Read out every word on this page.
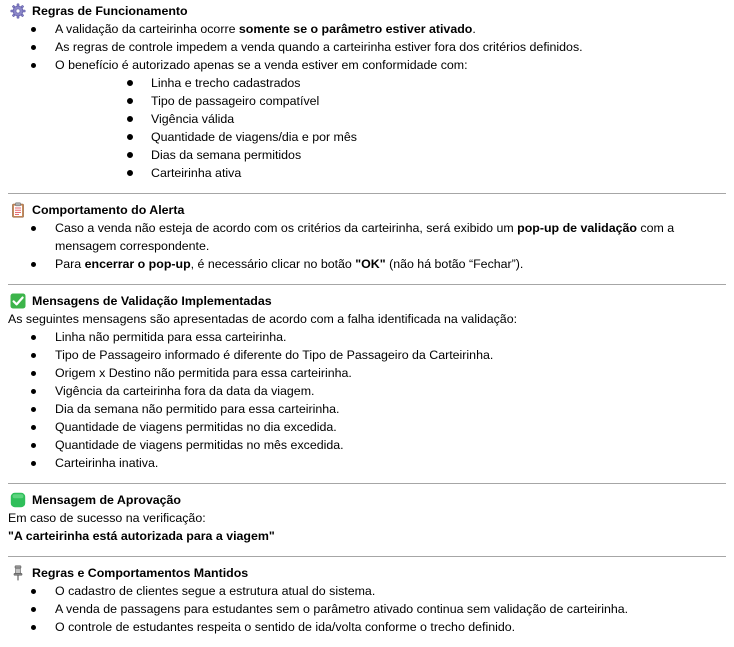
Regras de Funcionamento
A validação da carteirinha ocorre somente se o parâmetro estiver ativado.
As regras de controle impedem a venda quando a carteirinha estiver fora dos critérios definidos.
O benefício é autorizado apenas se a venda estiver em conformidade com:
Linha e trecho cadastrados
Tipo de passageiro compatível
Vigência válida
Quantidade de viagens/dia e por mês
Dias da semana permitidos
Carteirinha ativa
Comportamento do Alerta
Caso a venda não esteja de acordo com os critérios da carteirinha, será exibido um pop-up de validação com a mensagem correspondente.
Para encerrar o pop-up, é necessário clicar no botão "OK" (não há botão “Fechar”).
Mensagens de Validação Implementadas

As seguintes mensagens são apresentadas de acordo com a falha identificada na validação:

Linha não permitida para essa carteirinha.
Tipo de Passageiro informado é diferente do Tipo de Passageiro da Carteirinha.
Origem x Destino não permitida para essa carteirinha.
Vigência da carteirinha fora da data da viagem.
Dia da semana não permitido para essa carteirinha.
Quantidade de viagens permitidas no dia excedida.
Quantidade de viagens permitidas no mês excedida.
Carteirinha inativa.
Mensagem de Aprovação

Em caso de sucesso na verificação:

"A carteirinha está autorizada para a viagem"

Regras e Comportamentos Mantidos
O cadastro de clientes segue a estrutura atual do sistema.
A venda de passagens para estudantes sem o parâmetro ativado continua sem validação de carteirinha.
O controle de estudantes respeita o sentido de ida/volta conforme o trecho definido.
